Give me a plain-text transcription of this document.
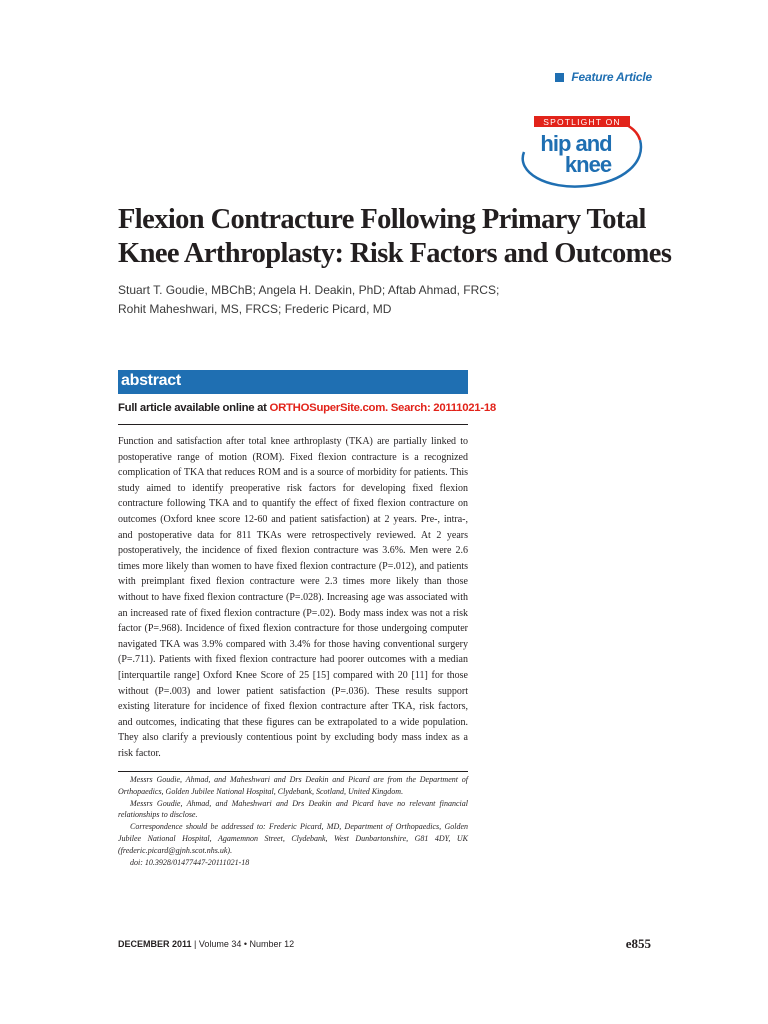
Feature Article
SPOTLIGHT ON
hip and
knee
Flexion Contracture Following Primary Total
Knee Arthroplasty: Risk Factors and Outcomes

Stuart T. Goudie, MBChB; Angela H. Deakin, PhD; Aftab Ahmad, FRCS;

Rohit Maheshwari, MS, FRCS; Frederic Picard, MD

abstract
Full article available online at ORTHOSuperSite.com. Search: 20111021-18

Function and satisfaction after total knee arthroplasty (TKA) are partially linked to postoperative range of motion (ROM). Fixed flexion contracture is a recognized complication of TKA that reduces ROM and is a source of morbidity for patients. This study aimed to identify preoperative risk factors for developing fixed flexion contracture following TKA and to quantify the effect of fixed flexion contracture on outcomes (Oxford knee score 12-60 and patient satisfaction) at 2 years. Pre-, intra-, and postoperative data for 811 TKAs were retrospectively reviewed. At 2 years postoperatively, the incidence of fixed flexion contracture was 3.6%. Men were 2.6 times more likely than women to have fixed flexion contracture (P=.012), and patients with preimplant fixed flexion contracture were 2.3 times more likely than those without to have fixed flexion contracture (P=.028). Increasing age was associated with an increased rate of fixed flexion contracture (P=.02). Body mass index was not a risk factor (P=.968). Incidence of fixed flexion contracture for those undergoing computer navigated TKA was 3.9% compared with 3.4% for those having conventional surgery (P=.711). Patients with fixed flexion contracture had poorer outcomes with a median [interquartile range] Oxford Knee Score of 25 [15] compared with 20 [11] for those without (P=.003) and lower patient satisfaction (P=.036). These results support existing literature for incidence of fixed flexion contracture after TKA, risk factors, and outcomes, indicating that these figures can be extrapolated to a wide population. They also clarify a previously contentious point by excluding body mass index as a risk factor.

Messrs Goudie, Ahmad, and Maheshwari and Drs Deakin and Picard are from the Department of Orthopaedics, Golden Jubilee National Hospital, Clydebank, Scotland, United Kingdom.

Messrs Goudie, Ahmad, and Maheshwari and Drs Deakin and Picard have no relevant financial relationships to disclose.

Correspondence should be addressed to: Frederic Picard, MD, Department of Orthopaedics, Golden Jubilee National Hospital, Agamemnon Street, Clydebank, West Dunbartonshire, G81 4DY, UK (frederic.picard@gjnh.scot.nhs.uk).

doi: 10.3928/01477447-20111021-18

DECEMBER 2011 | Volume 34 • Number 12	e855
